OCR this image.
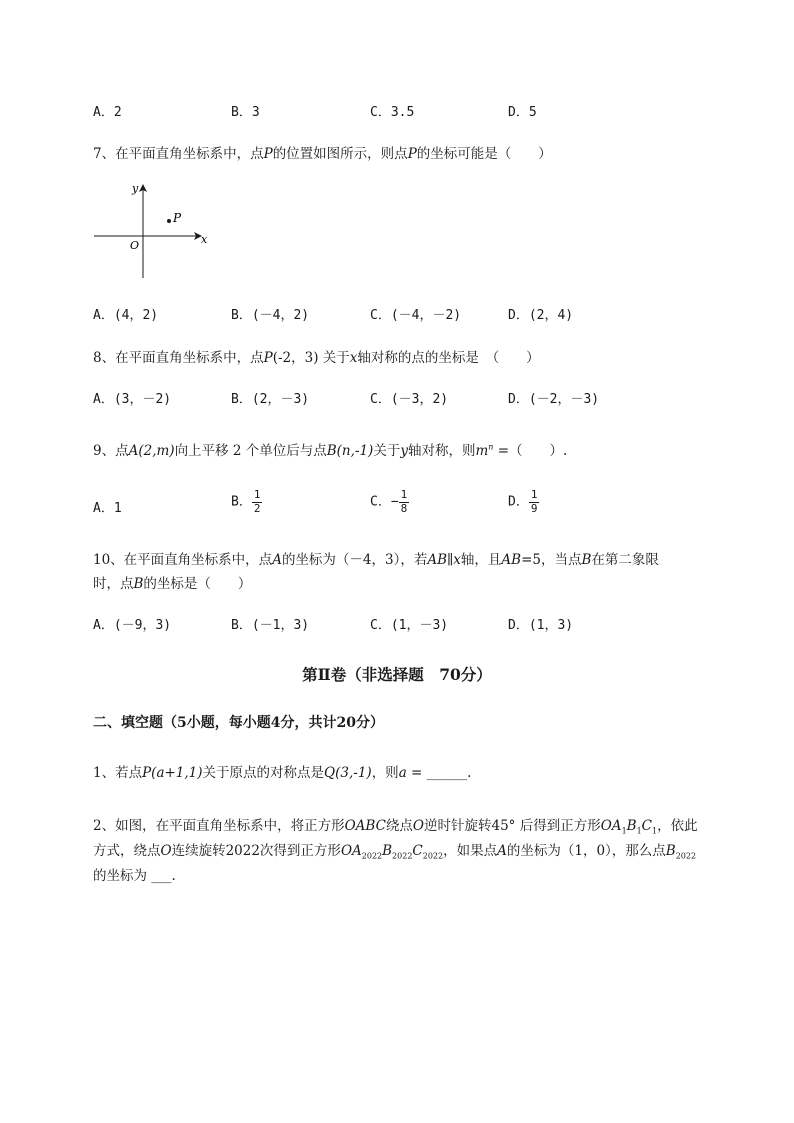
A．2	B．3	C．3.5	D．5
7、在平面直角坐标系中，点P的位置如图所示，则点P的坐标可能是（　　）
y
x
O
P
A．(4，2)	B．(－4，2)	C．(－4，－2)	D．(2，4)
8、在平面直角坐标系中，点P(-2，3) 关于x轴对称的点的坐标是　（　　）
A．(3，－2)	B．(2，－3)	C．(－3，2)	D．(－2，－3)
9、点A(2,m)向上平移 2 个单位后与点B(n,-1)关于y轴对称，则$m^n$ =（　　）.
A．1	B． $\frac{1}{2}$	C．− $\frac{1}{8}$	D． $\frac{1}{9}$
10、在平面直角坐标系中，点A的坐标为（－4，3），若AB∥x轴，且AB=5，当点B在第二象限
时，点B的坐标是（　　）
A．(－9，3)	B．(－1，3)	C．(1，－3)	D．(1，3)
第Ⅱ卷（非选择题　70分）
二、填空题（5小题，每小题4分，共计20分）
1、若点P(a+1,1)关于原点的对称点是Q(3,-1)，则a = ______.
2、如图，在平面直角坐标系中，将正方形OABC绕点O逆时针旋转45° 后得到正方形$OA_1B_1C_1$，依此
方式，绕点O连续旋转2022次得到正方形$OA_{2022}B_{2022}C_{2022}$，如果点A的坐标为（1，0），那么点$B_{2022}$
的坐标为 ___.
